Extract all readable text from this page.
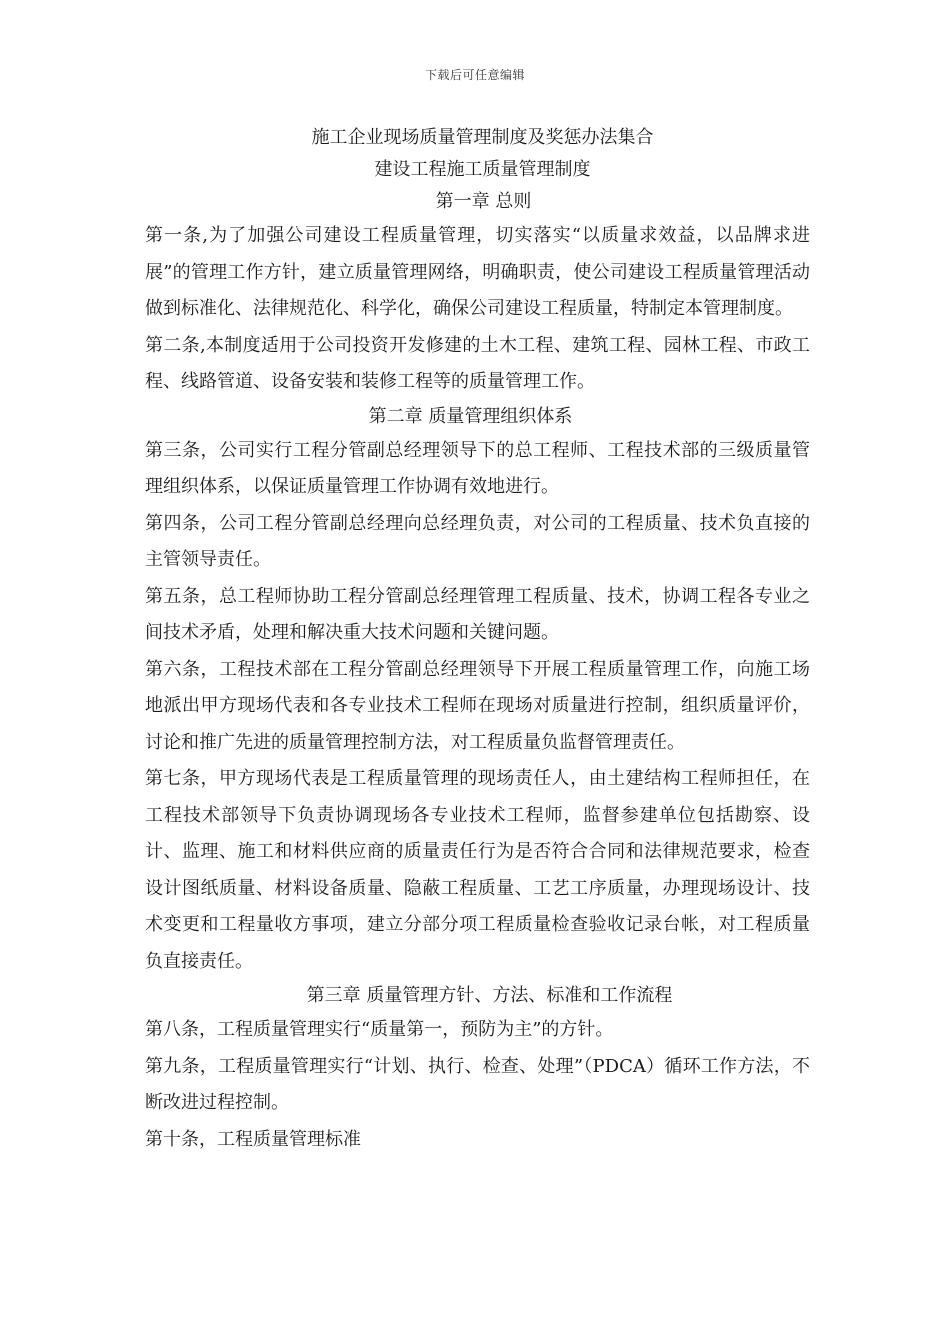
下载后可任意编辑
施工企业现场质量管理制度及奖惩办法集合
建设工程施工质量管理制度
第一章 总则

第一条,为了加强公司建设工程质量管理，切实落实“以质量求效益，以品牌求进展”的管理工作方针，建立质量管理网络，明确职责，使公司建设工程质量管理活动做到标准化、法律规范化、科学化，确保公司建设工程质量，特制定本管理制度。

第二条,本制度适用于公司投资开发修建的土木工程、建筑工程、园林工程、市政工程、线路管道、设备安装和装修工程等的质量管理工作。

第二章 质量管理组织体系

第三条，公司实行工程分管副总经理领导下的总工程师、工程技术部的三级质量管理组织体系，以保证质量管理工作协调有效地进行。

第四条，公司工程分管副总经理向总经理负责，对公司的工程质量、技术负直接的主管领导责任。

第五条，总工程师协助工程分管副总经理管理工程质量、技术，协调工程各专业之间技术矛盾，处理和解决重大技术问题和关键问题。

第六条，工程技术部在工程分管副总经理领导下开展工程质量管理工作，向施工场地派出甲方现场代表和各专业技术工程师在现场对质量进行控制，组织质量评价，讨论和推广先进的质量管理控制方法，对工程质量负监督管理责任。

第七条，甲方现场代表是工程质量管理的现场责任人，由土建结构工程师担任，在工程技术部领导下负责协调现场各专业技术工程师，监督参建单位包括勘察、设计、监理、施工和材料供应商的质量责任行为是否符合合同和法律规范要求，检查设计图纸质量、材料设备质量、隐蔽工程质量、工艺工序质量，办理现场设计、技术变更和工程量收方事项，建立分部分项工程质量检查验收记录台帐，对工程质量负直接责任。

第三章 质量管理方针、方法、标准和工作流程

第八条，工程质量管理实行“质量第一，预防为主”的方针。

第九条，工程质量管理实行“计划、执行、检查、处理”（PDCA）循环工作方法，不断改进过程控制。

第十条，工程质量管理标准
